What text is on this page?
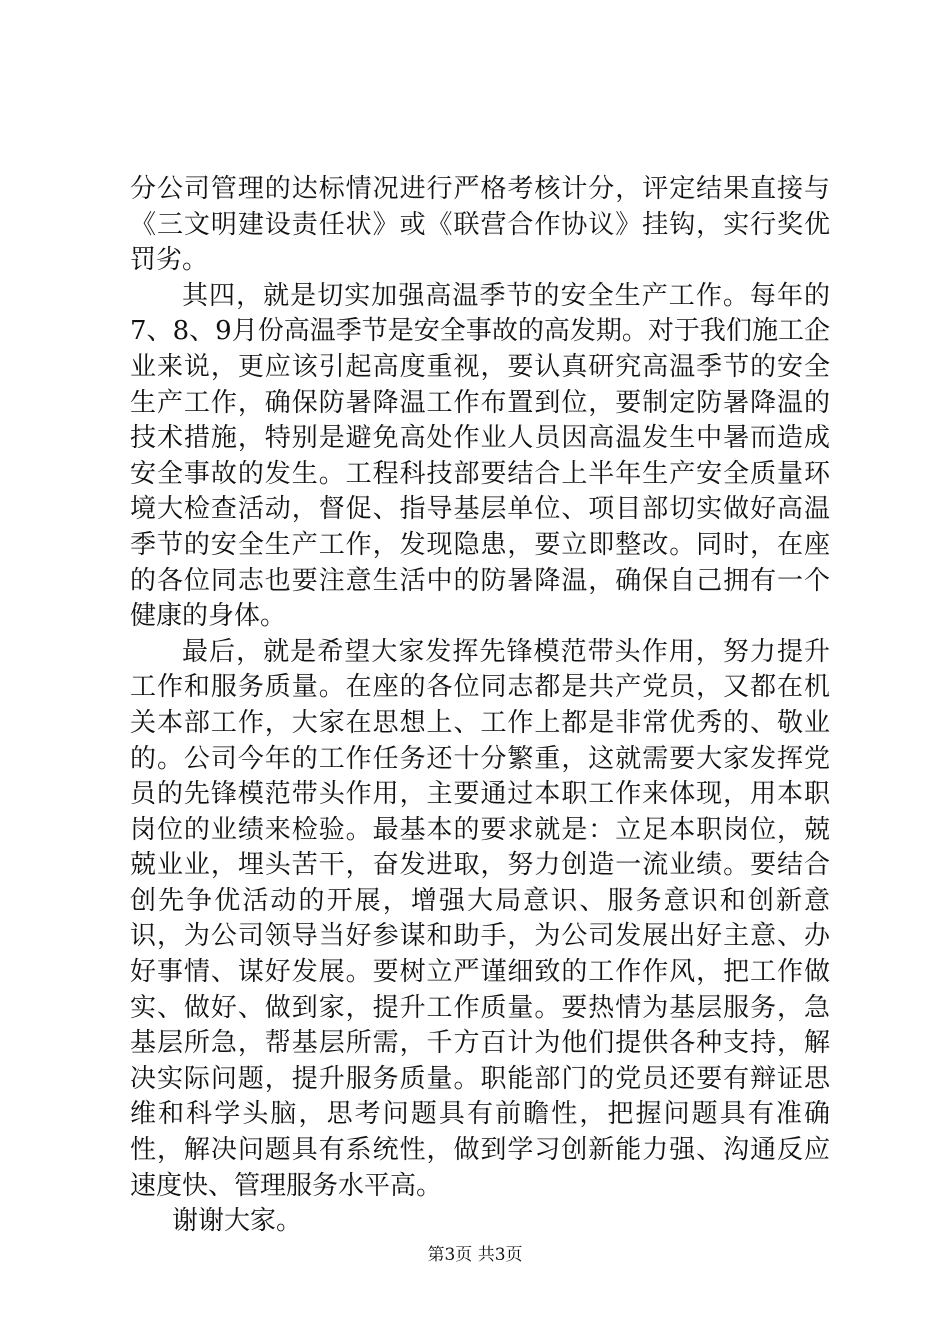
分公司管理的达标情况进行严格考核计分，评定结果直接与《三文明建设责任状》或《联营合作协议》挂钩，实行奖优罚劣。

其四，就是切实加强高温季节的安全生产工作。每年的7、8、9月份高温季节是安全事故的高发期。对于我们施工企业来说，更应该引起高度重视，要认真研究高温季节的安全生产工作，确保防暑降温工作布置到位，要制定防暑降温的技术措施，特别是避免高处作业人员因高温发生中暑而造成安全事故的发生。工程科技部要结合上半年生产安全质量环境大检查活动，督促、指导基层单位、项目部切实做好高温季节的安全生产工作，发现隐患，要立即整改。同时，在座的各位同志也要注意生活中的防暑降温，确保自己拥有一个健康的身体。

最后，就是希望大家发挥先锋模范带头作用，努力提升工作和服务质量。在座的各位同志都是共产党员，又都在机关本部工作，大家在思想上、工作上都是非常优秀的、敬业的。公司今年的工作任务还十分繁重，这就需要大家发挥党员的先锋模范带头作用，主要通过本职工作来体现，用本职岗位的业绩来检验。最基本的要求就是：立足本职岗位，兢兢业业，埋头苦干，奋发进取，努力创造一流业绩。要结合创先争优活动的开展，增强大局意识、服务意识和创新意识，为公司领导当好参谋和助手，为公司发展出好主意、办好事情、谋好发展。要树立严谨细致的工作作风，把工作做实、做好、做到家，提升工作质量。要热情为基层服务，急基层所急，帮基层所需，千方百计为他们提供各种支持，解决实际问题，提升服务质量。职能部门的党员还要有辩证思维和科学头脑，思考问题具有前瞻性，把握问题具有准确性，解决问题具有系统性，做到学习创新能力强、沟通反应速度快、管理服务水平高。

谢谢大家。

第3页 共3页
